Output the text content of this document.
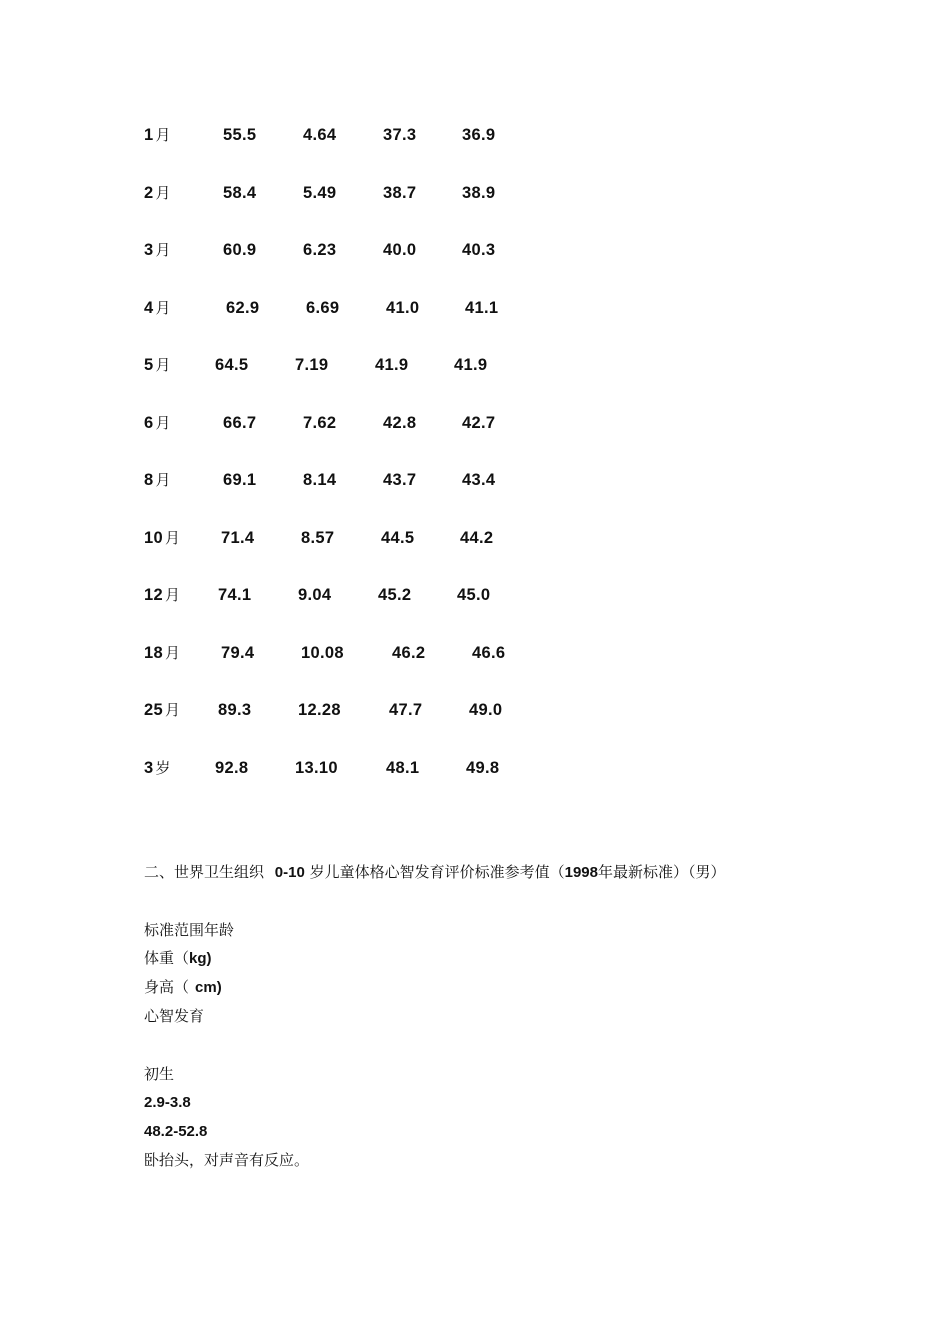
1 月	55.5	4.64	37.3	36.9
2 月	58.4	5.49	38.7	38.9
3 月	60.9	6.23	40.0	40.3
4 月	62.9	6.69	41.0	41.1
5 月	64.5	7.19	41.9	41.9
6 月	66.7	7.62	42.8	42.7
8 月	69.1	8.14	43.7	43.4
10 月 71.4	8.57	44.5	44.2
12 月 74.1	9.04	45.2	45.0
18 月 79.4	10.08	46.2	46.6
25 月 89.3	12.28	47.7	49.0
3 岁	92.8	13.10	48.1	49.8
二、世界卫生组织 0-10 岁儿童体格心智发育评价标准参考值（1998年最新标准）（男）
标准范围年龄
体重（kg)
身高（ cm)
心智发育
初生
2.9-3.8
48.2-52.8
卧抬头，对声音有反应。
